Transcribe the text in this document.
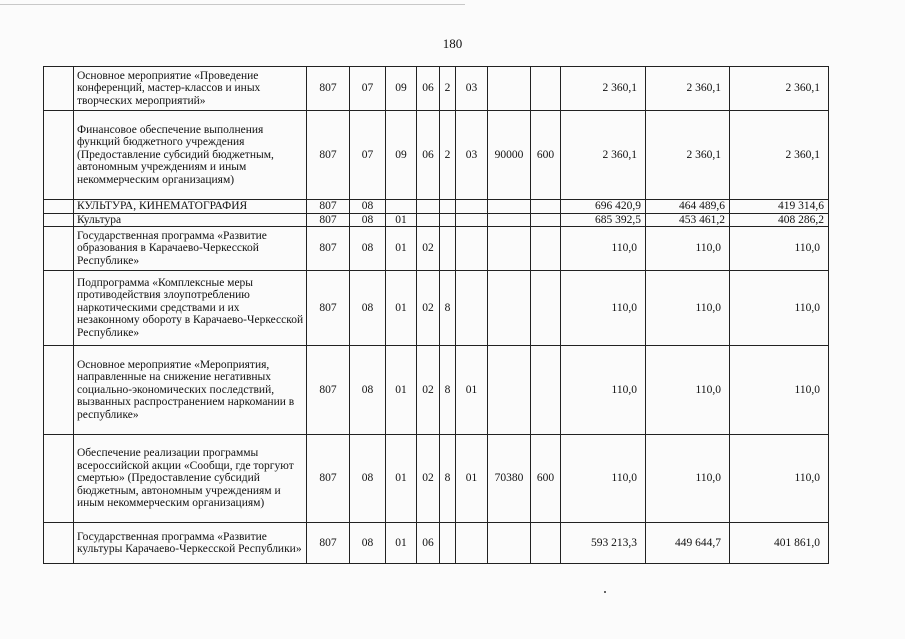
180
	Основное мероприятие «Проведение конференций, мастер-классов и иных творческих мероприятий»	807	07	09	06	2	03			2 360,1	2 360,1	2 360,1
	Финансовое обеспечение выполнения функций бюджетного учреждения (Предоставление субсидий бюджетным, автономным учреждениям и иным некоммерческим организациям)	807	07	09	06	2	03	90000	600	2 360,1	2 360,1	2 360,1
	КУЛЬТУРА, КИНЕМАТОГРАФИЯ	807	08							696 420,9	464 489,6	419 314,6
	Культура	807	08	01						685 392,5	453 461,2	408 286,2
	Государственная программа «Развитие образования в Карачаево-Черкесской Республике»	807	08	01	02					110,0	110,0	110,0
	Подпрограмма «Комплексные меры противодействия злоупотреблению наркотическими средствами и их незаконному обороту в Карачаево-Черкесской Республике»	807	08	01	02	8				110,0	110,0	110,0
	Основное мероприятие «Мероприятия, направленные на снижение негативных социально-экономических последствий, вызванных распространением наркомании в республике»	807	08	01	02	8	01			110,0	110,0	110,0
	Обеспечение реализации программы всероссийской акции «Сообщи, где торгуют смертью» (Предоставление субсидий бюджетным, автономным учреждениям и иным некоммерческим организациям)	807	08	01	02	8	01	70380	600	110,0	110,0	110,0
	Государственная программа «Развитие культуры Карачаево-Черкесской Республики»	807	08	01	06					593 213,3	449 644,7	401 861,0
